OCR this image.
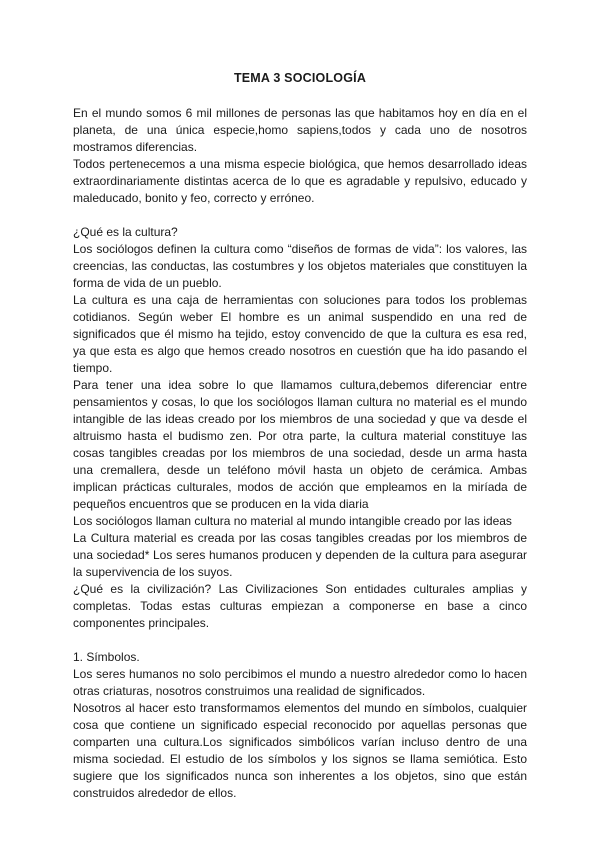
TEMA 3 SOCIOLOGÍA

En el mundo somos 6 mil millones de personas las que habitamos hoy en día en el planeta, de una única especie,homo sapiens,todos y cada uno de nosotros mostramos diferencias.

Todos pertenecemos a una misma especie biológica, que hemos desarrollado ideas extraordinariamente distintas acerca de lo que es agradable y repulsivo, educado y maleducado, bonito y feo, correcto y erróneo.

¿Qué es la cultura?

Los sociólogos definen la cultura como “diseños de formas de vida”: los valores, las creencias, las conductas, las costumbres y los objetos materiales que constituyen la forma de vida de un pueblo.

La cultura es una caja de herramientas con soluciones para todos los problemas cotidianos. Según weber El hombre es un animal suspendido en una red de significados que él mismo ha tejido, estoy convencido de que la cultura es esa red, ya que esta es algo que hemos creado nosotros en cuestión que ha ido pasando el tiempo.

Para tener una idea sobre lo que llamamos cultura,debemos diferenciar entre pensamientos y cosas, lo que los sociólogos llaman cultura no material es el mundo intangible de las ideas creado por los miembros de una sociedad y que va desde el altruismo hasta el budismo zen. Por otra parte, la cultura material constituye las cosas tangibles creadas por los miembros de una sociedad, desde un arma hasta una cremallera, desde un teléfono móvil hasta un objeto de cerámica. Ambas implican prácticas culturales, modos de acción que empleamos en la miríada de pequeños encuentros que se producen en la vida diaria

Los sociólogos llaman cultura no material al mundo intangible creado por las ideas

La Cultura material es creada por las cosas tangibles creadas por los miembros de una sociedad* Los seres humanos producen y dependen de la cultura para asegurar la supervivencia de los suyos.

¿Qué es la civilización? Las Civilizaciones Son entidades culturales amplias y completas. Todas estas culturas empiezan a componerse en base a cinco componentes principales.

1. Símbolos.

Los seres humanos no solo percibimos el mundo a nuestro alrededor como lo hacen otras criaturas, nosotros construimos una realidad de significados.

Nosotros al hacer esto transformamos elementos del mundo en símbolos, cualquier cosa que contiene un significado especial reconocido por aquellas personas que comparten una cultura.Los significados simbólicos varían incluso dentro de una misma sociedad. El estudio de los símbolos y los signos se llama semiótica. Esto sugiere que los significados nunca son inherentes a los objetos, sino que están construidos alrededor de ellos.
